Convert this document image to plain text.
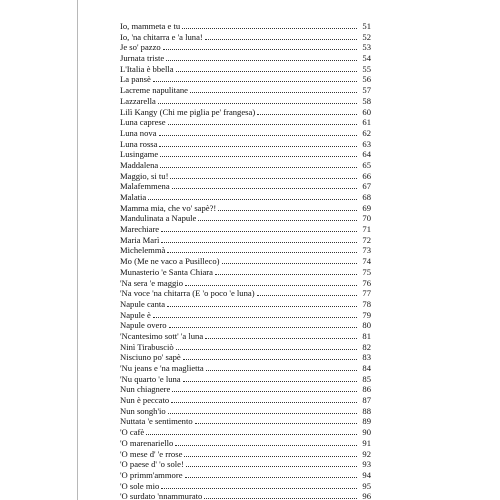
Io, mammeta e tu	51
Io, 'na chitarra e 'a luna!	52
Je so' pazzo	53
Jurnata triste	54
L'Italia è bbella	55
La pansè	56
Lacreme napulitane	57
Lazzarella	58
Lilì Kangy (Chi me piglia pe' frangesa)	60
Luna caprese	61
Luna nova	62
Luna rossa	63
Lusingame	64
Maddalena	65
Maggio, si tu!	66
Malafemmena	67
Malatia	68
Mamma mia, che vo' sapè?!	69
Mandulinata a Napule	70
Marechiare	71
Maria Marì	72
Michelemmà	73
Mo (Me ne vaco a Pusilleco)	74
Munasterio 'e Santa Chiara	75
'Na sera 'e maggio	76
'Na voce 'na chitarra (E 'o poco 'e luna)	77
Napule canta	78
Napule è	79
Napule overo	80
'Ncantesimo sott' 'a luna	81
Ninì Tirabusciò	82
Nisciuno po' sapè	83
'Nu jeans e 'na maglietta	84
'Nu quarto 'e luna	85
Nun chiagnere	86
Nun è peccato	87
Nun songh'io	88
Nuttata 'e sentimento	89
'O cafè	90
'O marenariello	91
'O mese d' 'e rrose	92
'O paese d' 'o sole!	93
'O primm'ammore	94
'O sole mio	95
'O surdato 'nnammurato	96
